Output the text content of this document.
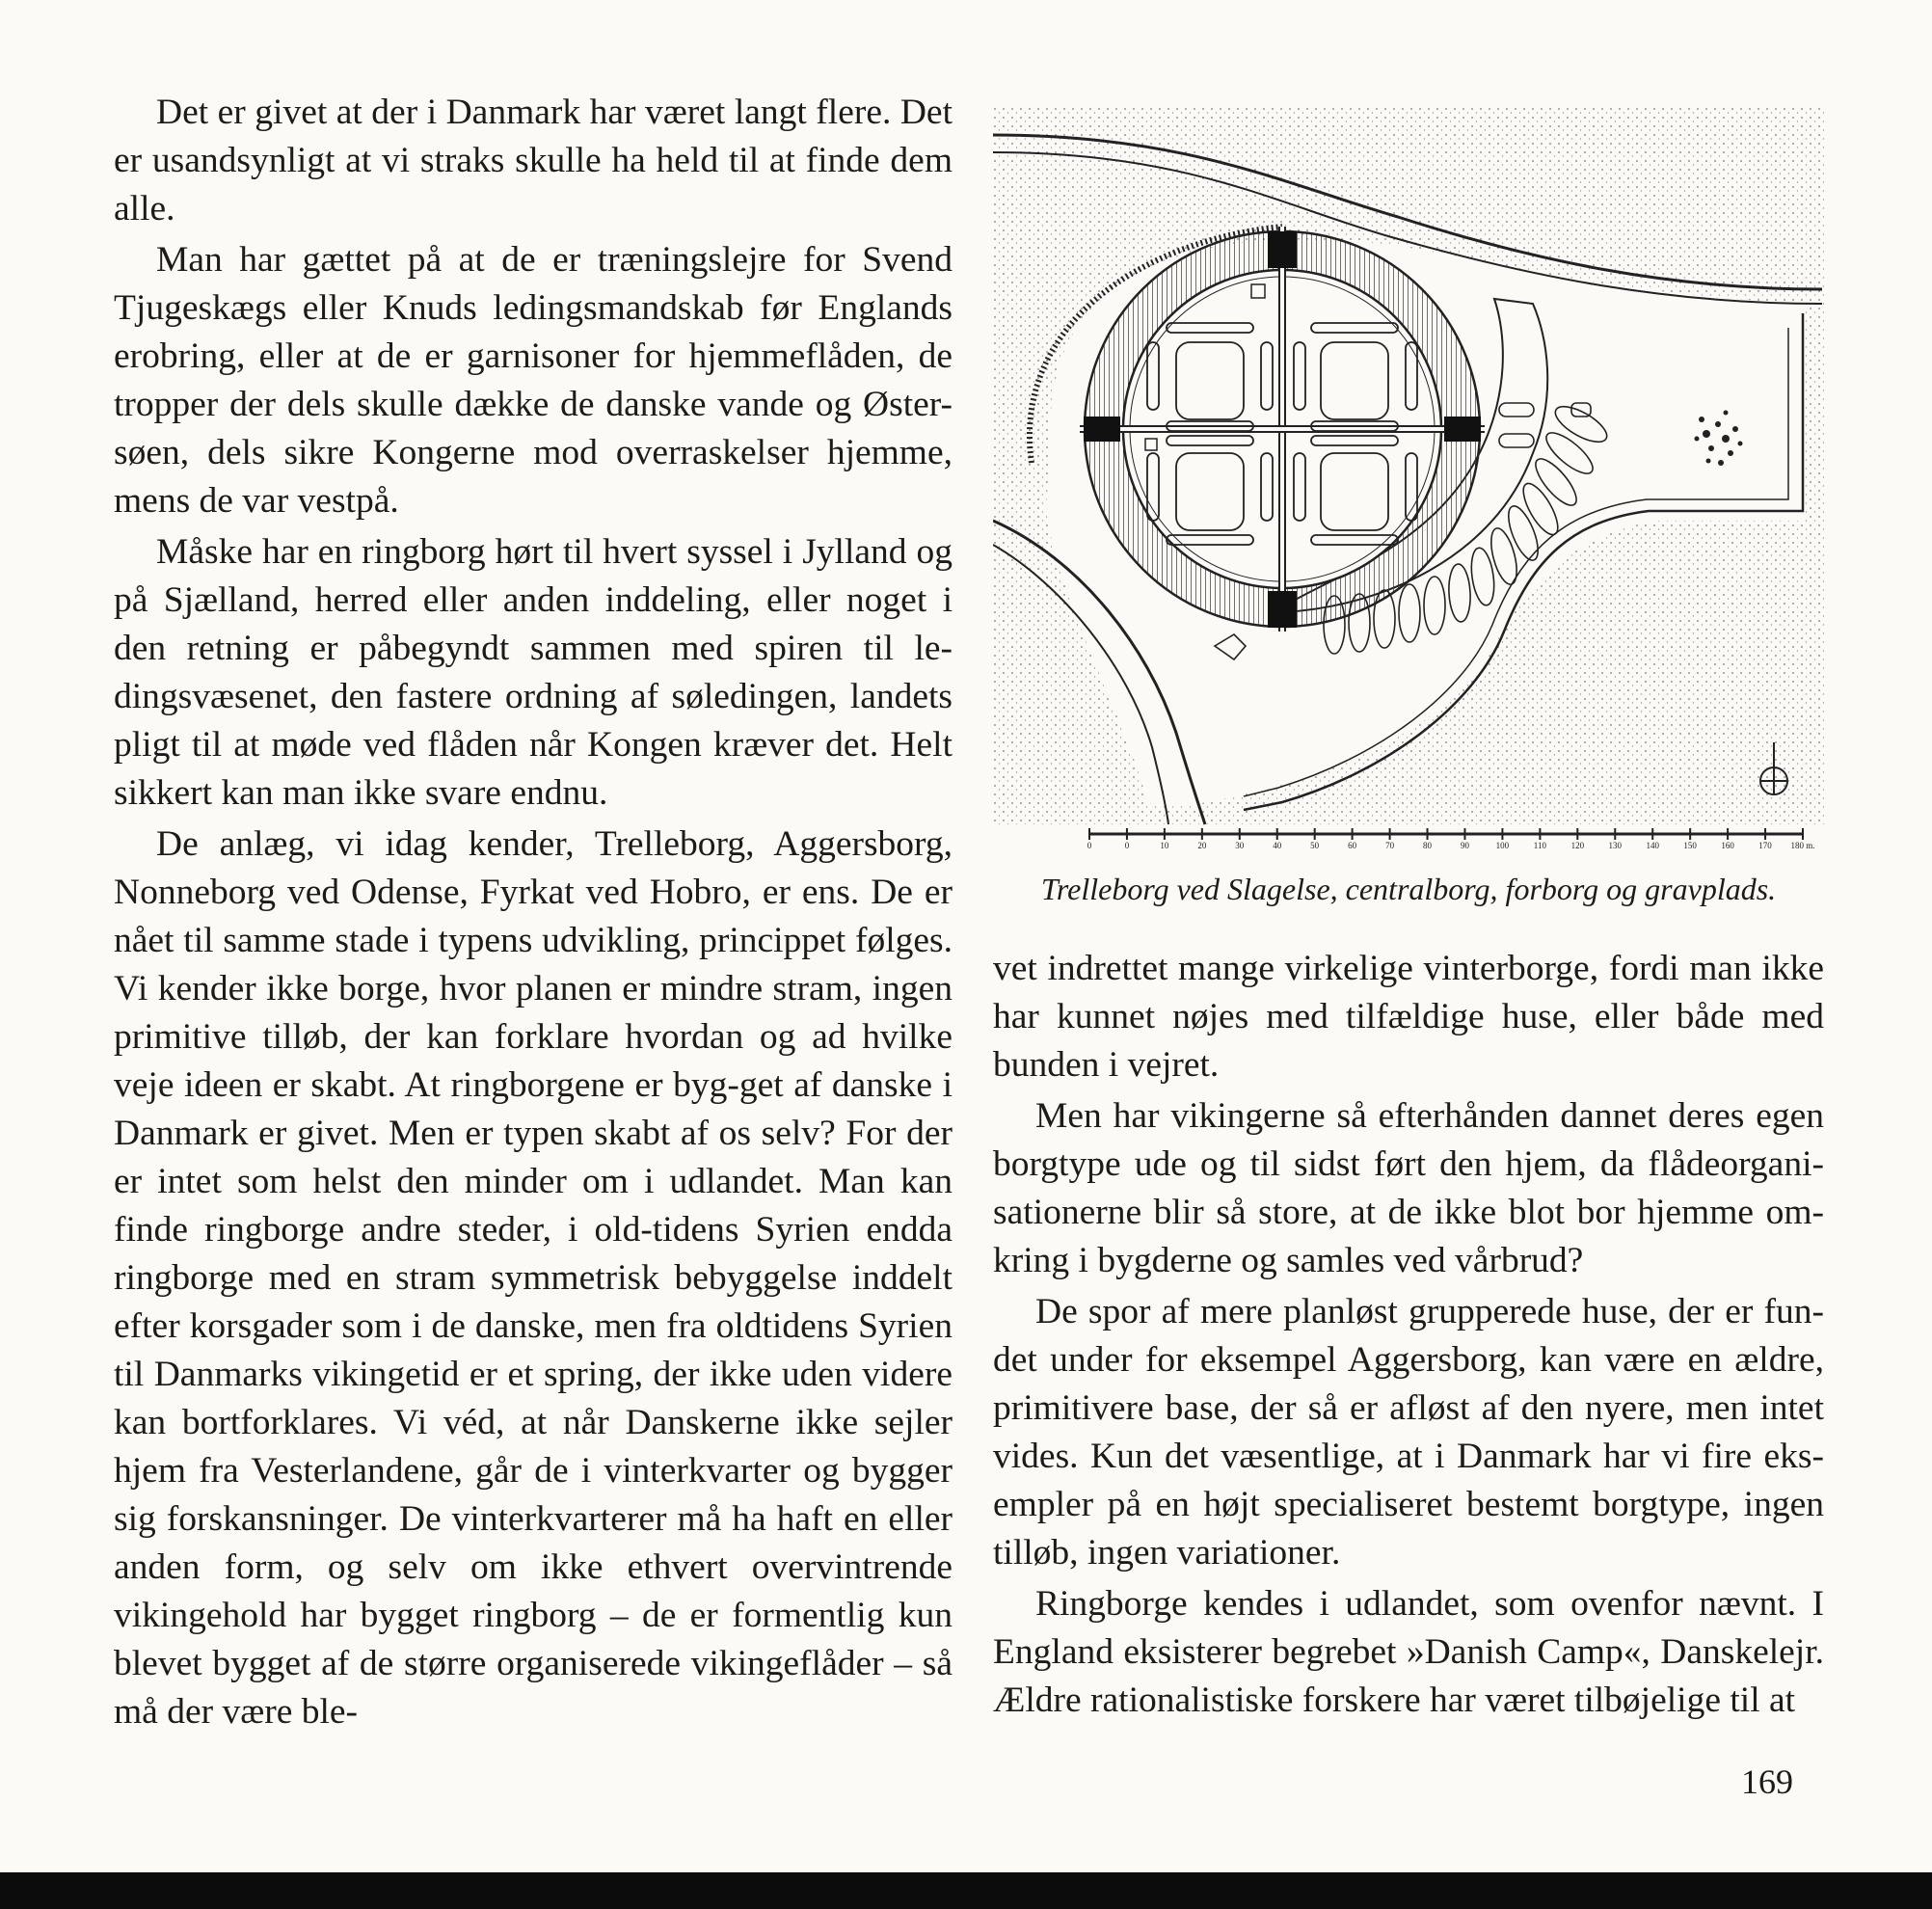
Det er givet at der i Danmark har været langt flere. Det er usandsynligt at vi straks skulle ha held til at finde dem alle.

Man har gættet på at de er træningslejre for Svend Tjugeskægs eller Knuds ledingsmandskab før Englands erobring, eller at de er garnisoner for hjemmeflåden, de tropper der dels skulle dække de danske vande og Øster-søen, dels sikre Kongerne mod overraskelser hjemme, mens de var vestpå.

Måske har en ringborg hørt til hvert syssel i Jylland og på Sjælland, herred eller anden inddeling, eller noget i den retning er påbegyndt sammen med spiren til le-dingsvæsenet, den fastere ordning af søledingen, landets pligt til at møde ved flåden når Kongen kræver det. Helt sikkert kan man ikke svare endnu.

De anlæg, vi idag kender, Trelleborg, Aggersborg, Nonneborg ved Odense, Fyrkat ved Hobro, er ens. De er nået til samme stade i typens udvikling, princippet følges. Vi kender ikke borge, hvor planen er mindre stram, ingen primitive tilløb, der kan forklare hvordan og ad hvilke veje ideen er skabt. At ringborgene er byg-get af danske i Danmark er givet. Men er typen skabt af os selv? For der er intet som helst den minder om i udlandet. Man kan finde ringborge andre steder, i old-tidens Syrien endda ringborge med en stram symmetrisk bebyggelse inddelt efter korsgader som i de danske, men fra oldtidens Syrien til Danmarks vikingetid er et spring, der ikke uden videre kan bortforklares. Vi véd, at når Danskerne ikke sejler hjem fra Vesterlandene, går de i vinterkvarter og bygger sig forskansninger. De vinterkvarterer må ha haft en eller anden form, og selv om ikke ethvert overvintrende vikingehold har bygget ringborg – de er formentlig kun blevet bygget af de større organiserede vikingeflåder – så må der være ble-

0	0	10	20	30	40	50	60	70	80	90	100	110	120	130	140	150	160	170 180 m.
Trelleborg ved Slagelse, centralborg, forborg og gravplads.

vet indrettet mange virkelige vinterborge, fordi man ikke har kunnet nøjes med tilfældige huse, eller både med bunden i vejret.

Men har vikingerne så efterhånden dannet deres egen borgtype ude og til sidst ført den hjem, da flådeorgani-sationerne blir så store, at de ikke blot bor hjemme om-kring i bygderne og samles ved vårbrud?

De spor af mere planløst grupperede huse, der er fun-det under for eksempel Aggersborg, kan være en ældre, primitivere base, der så er afløst af den nyere, men intet vides. Kun det væsentlige, at i Danmark har vi fire eks-empler på en højt specialiseret bestemt borgtype, ingen tilløb, ingen variationer.

Ringborge kendes i udlandet, som ovenfor nævnt. I England eksisterer begrebet »Danish Camp«, Danskelejr. Ældre rationalistiske forskere har været tilbøjelige til at

169
